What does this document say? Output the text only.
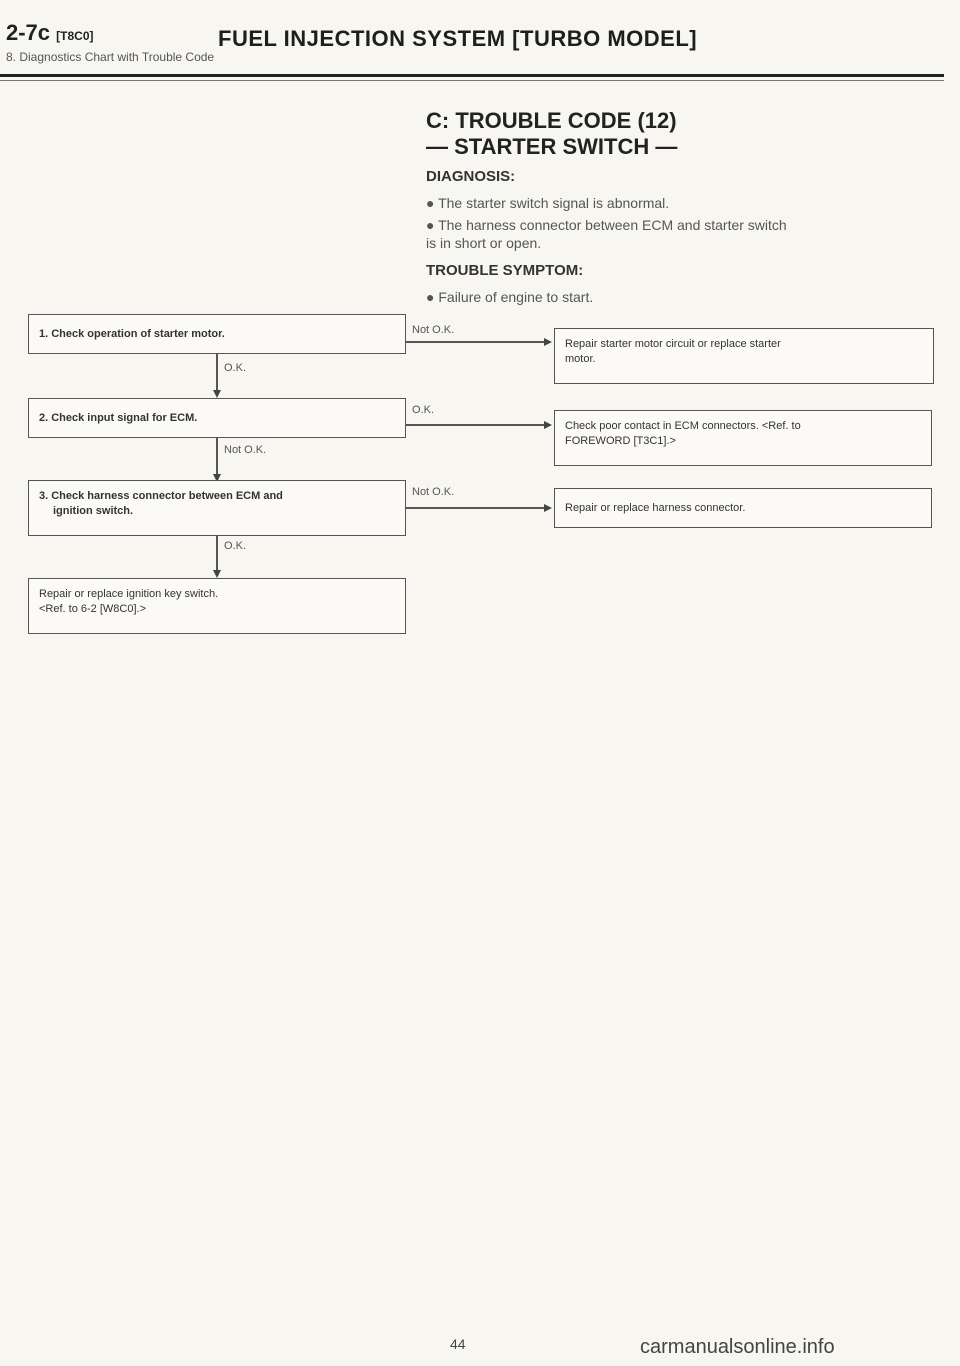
2-7c [T8C0]	FUEL INJECTION SYSTEM [TURBO MODEL]
8. Diagnostics Chart with Trouble Code
C: TROUBLE CODE (12)
— STARTER SWITCH —
DIAGNOSIS:
● The starter switch signal is abnormal.
● The harness connector between ECM and starter switch
is in short or open.
TROUBLE SYMPTOM:
● Failure of engine to start.
1. Check operation of starter motor.	Not O.K.
Repair starter motor circuit or replace starter
motor.
O.K.
2. Check input signal for ECM.
O.K.
Check poor contact in ECM connectors. <Ref. to
FOREWORD [T3C1].>
Not O.K.
3. Check harness connector between ECM and
ignition switch.
Not O.K.
Repair or replace harness connector.
O.K.
Repair or replace ignition key switch.
<Ref. to 6-2 [W8C0].>
44	carmanualsonline.info
